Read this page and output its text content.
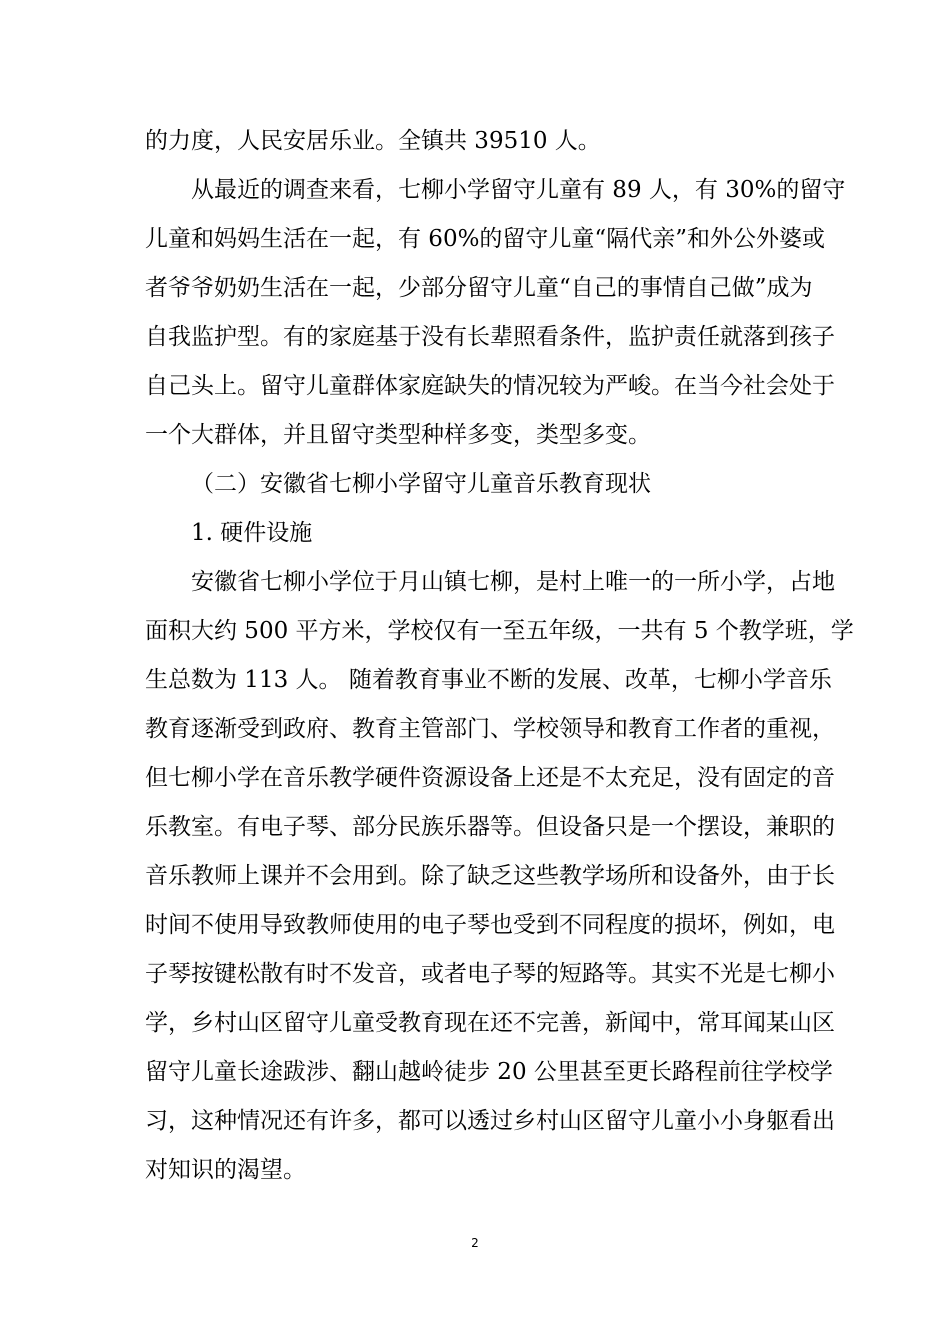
的力度，人民安居乐业。全镇共 39510 人。
从最近的调查来看，七柳小学留守儿童有 89 人，有 30%的留守
儿童和妈妈生活在一起，有 60%的留守儿童“隔代亲”和外公外婆或
者爷爷奶奶生活在一起，少部分留守儿童“自己的事情自己做”成为
自我监护型。有的家庭基于没有长辈照看条件，监护责任就落到孩子
自己头上。留守儿童群体家庭缺失的情况较为严峻。在当今社会处于
一个大群体，并且留守类型种样多变，类型多变。
（二）安徽省七柳小学留守儿童音乐教育现状
1. 硬件设施
安徽省七柳小学位于月山镇七柳，是村上唯一的一所小学，占地
面积大约 500 平方米，学校仅有一至五年级，一共有 5 个教学班，学
生总数为 113 人。 随着教育事业不断的发展、改革，七柳小学音乐
教育逐渐受到政府、教育主管部门、学校领导和教育工作者的重视，
但七柳小学在音乐教学硬件资源设备上还是不太充足，没有固定的音
乐教室。有电子琴、部分民族乐器等。但设备只是一个摆设，兼职的
音乐教师上课并不会用到。除了缺乏这些教学场所和设备外，由于长
时间不使用导致教师使用的电子琴也受到不同程度的损坏，例如，电
子琴按键松散有时不发音，或者电子琴的短路等。其实不光是七柳小
学，乡村山区留守儿童受教育现在还不完善，新闻中，常耳闻某山区
留守儿童长途跋涉、翻山越岭徒步 20 公里甚至更长路程前往学校学
习，这种情况还有许多，都可以透过乡村山区留守儿童小小身躯看出
对知识的渴望。
2
